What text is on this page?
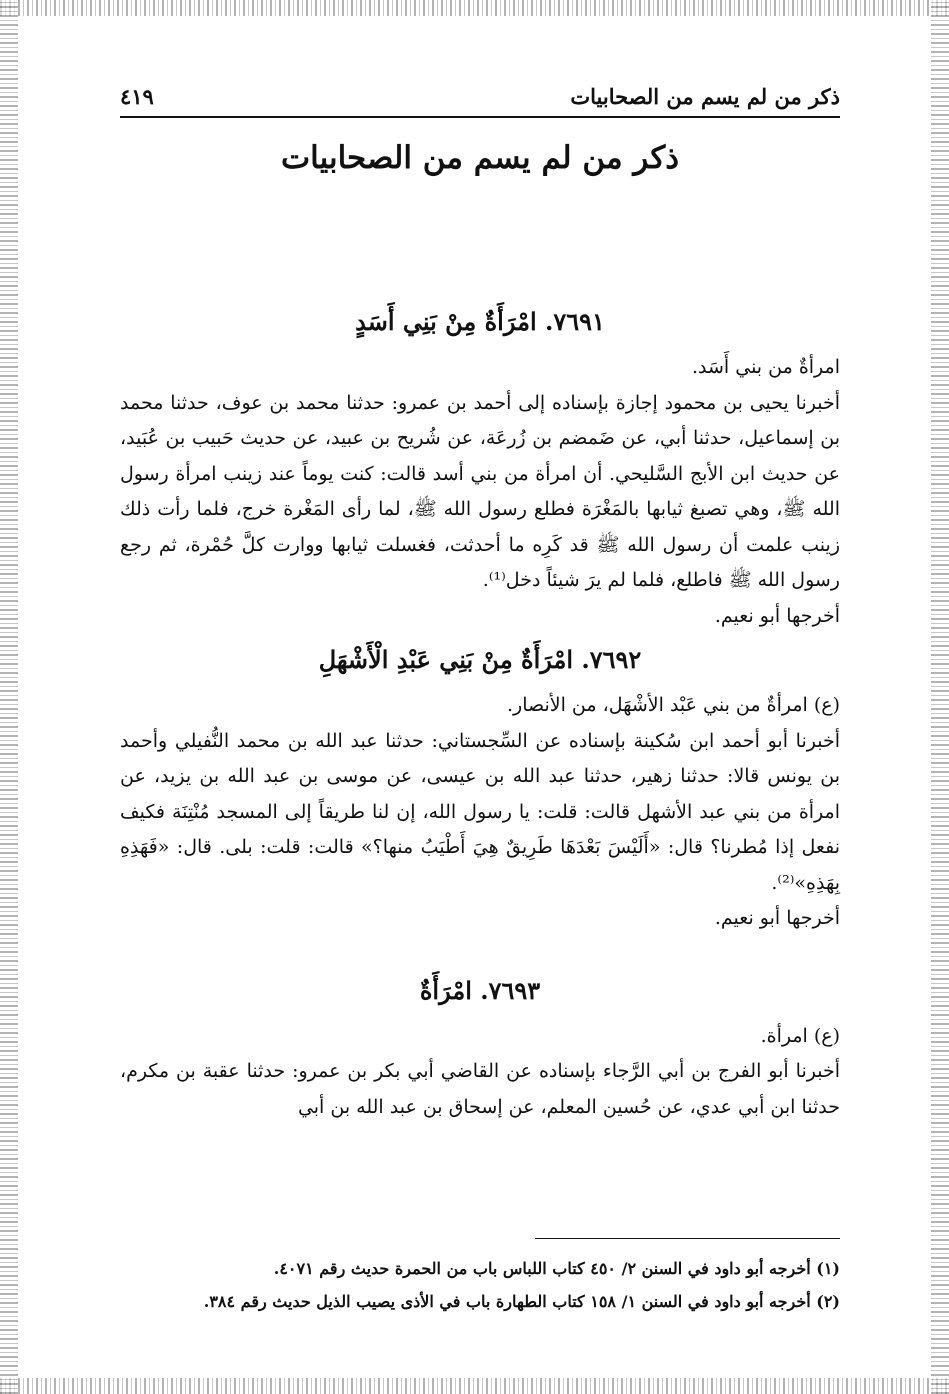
ذكر من لم يسم من الصحابيات
٤١٩
ذكر من لم يسم من الصحابيات
٧٦٩١. امْرَأَةٌ مِنْ بَنِي أَسَدٍ

امرأةٌ من بني أَسَد.

أخبرنا يحيى بن محمود إجازة بإسناده إلى أحمد بن عمرو: حدثنا محمد بن عوف، حدثنا محمد بن إسماعيل، حدثنا أبي، عن ضَمضم بن زُرعَة، عن شُريح بن عبيد، عن حديث حَبيب بن عُبَيد، عن حديث ابن الأبج السَّليحي. أن امرأة من بني أسد قالت: كنت يوماً عند زينب امرأة رسول الله ﷺ، وهي تصبغ ثيابها بالمَغْرَة فطلع رسول الله ﷺ، لما رأى المَغْرة خرج، فلما رأت ذلك زينب علمت أن رسول الله ﷺ قد كَرِه ما أحدثت، فغسلت ثيابها ووارت كلَّ حُمْرة، ثم رجع رسول الله ﷺ فاطلع، فلما لم يرَ شيئاً دخل⁽¹⁾.

أخرجها أبو نعيم.

٧٦٩٢. امْرَأَةٌ مِنْ بَنِي عَبْدِ الْأَشْهَلِ

(ع) امرأةٌ من بني عَبْد الأشْهَل، من الأنصار.

أخبرنا أبو أحمد ابن سُكينة بإسناده عن السِّجستاني: حدثنا عبد الله بن محمد النُّفيلي وأحمد بن يونس قالا: حدثنا زهير، حدثنا عبد الله بن عيسى، عن موسى بن عبد الله بن يزيد، عن امرأة من بني عبد الأشهل قالت: قلت: يا رسول الله، إن لنا طريقاً إلى المسجد مُنْتِنَة فكيف نفعل إذا مُطرنا؟ قال: «أَلَيْسَ بَعْدَهَا طَرِيقٌ هِيَ أَطْيَبُ منها؟» قالت: قلت: بلى. قال: «فَهَذِهِ بِهَذِهِ»⁽²⁾.

أخرجها أبو نعيم.

٧٦٩٣. امْرَأَةٌ

(ع) امرأة.

أخبرنا أبو الفرج بن أبي الرَّجاء بإسناده عن القاضي أبي بكر بن عمرو: حدثنا عقبة بن مكرم، حدثنا ابن أبي عدي، عن حُسين المعلم، عن إسحاق بن عبد الله بن أبي

(١) أخرجه أبو داود في السنن ٢/ ٤٥٠ كتاب اللباس باب من الحمرة حديث رقم ٤٠٧١.

(٢) أخرجه أبو داود في السنن ١/ ١٥٨ كتاب الطهارة باب في الأذى يصيب الذيل حديث رقم ٣٨٤.
